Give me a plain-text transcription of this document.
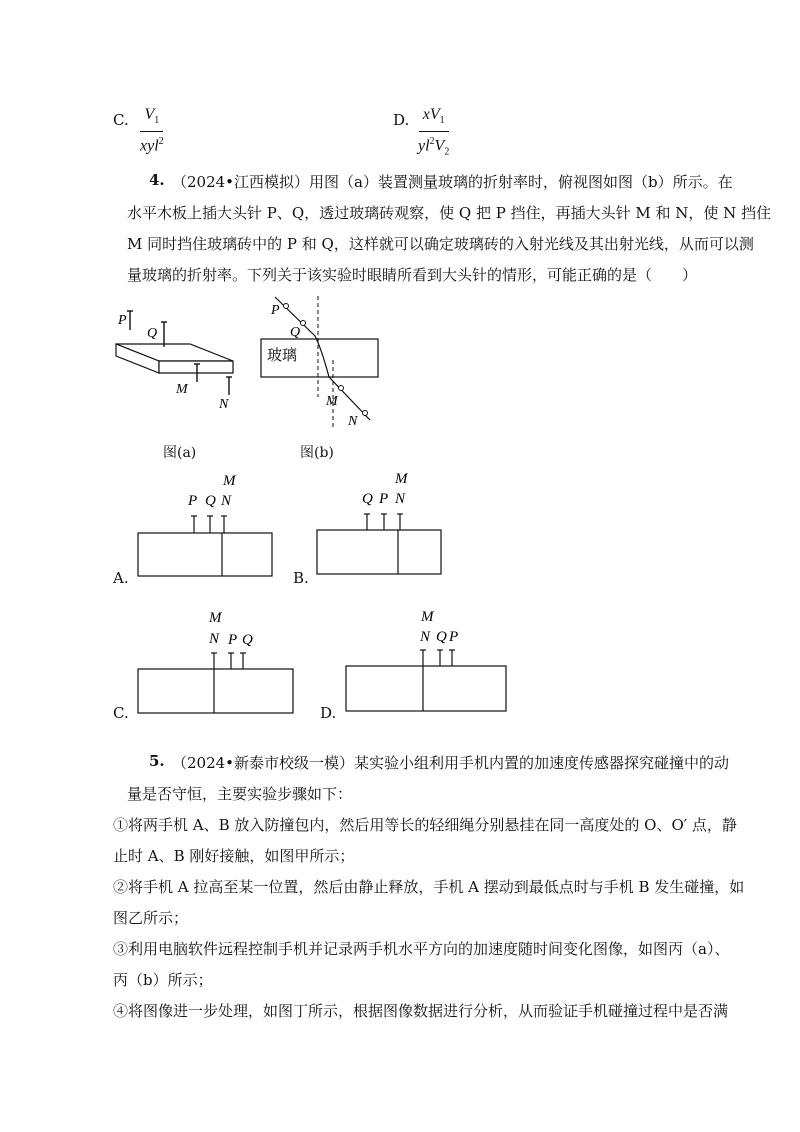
C. $V_1$
xyl$^2$
D. $\frac{xV_1}{yl^2V_2}$
4. （2024•江西模拟）用图（a）装置测量玻璃的折射率时，俯视图如图（b）所示。在
水平木板上插大头针 P、Q，透过玻璃砖观察，使 Q 把 P 挡住，再插大头针 M 和 N，使 N 挡住
M 同时挡住玻璃砖中的 P 和 Q，这样就可以确定玻璃砖的入射光线及其出射光线，从而可以测
量玻璃的折射率。下列关于该实验时眼睛所看到大头针的情形，可能正确的是（　　）
P
Q
M
N
图(a)
P
Q
玻璃
M
N
图(b)
A.
M
P Q N
B.
M
Q P N
C.
M
N P Q
D.
M
N Q P
5. （2024•新泰市校级一模）某实验小组利用手机内置的加速度传感器探究碰撞中的动
量是否守恒，主要实验步骤如下：
①将两手机 A、B 放入防撞包内，然后用等长的轻细绳分别悬挂在同一高度处的 O、O′ 点，静
止时 A、B 刚好接触，如图甲所示；
②将手机 A 拉高至某一位置，然后由静止释放，手机 A 摆动到最低点时与手机 B 发生碰撞，如
图乙所示；
③利用电脑软件远程控制手机并记录两手机水平方向的加速度随时间变化图像，如图丙（a）、
丙（b）所示；
④将图像进一步处理，如图丁所示，根据图像数据进行分析，从而验证手机碰撞过程中是否满
